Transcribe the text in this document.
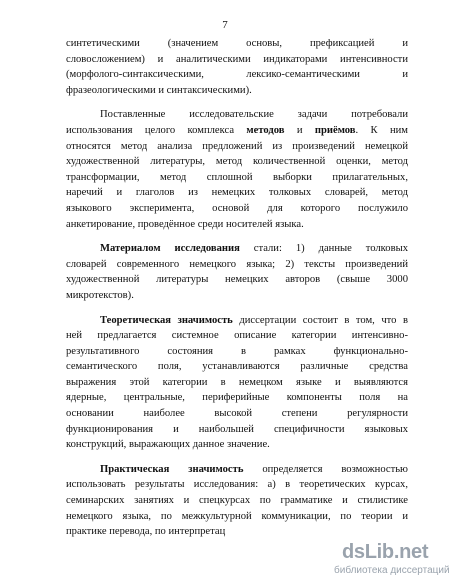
7

синтетическими (значением основы, префиксацией и
словосложением) и аналитическими индикаторами интенсивности
(морфолого-синтаксическими, лексико-семантическими и
фразеологическими и синтаксическими).

Поставленные исследовательские задачи потребовали
использования целого комплекса методов и приёмов. К ним
относятся метод анализа предложений из произведений немецкой
художественной литературы, метод количественной оценки, метод
трансформации, метод сплошной выборки прилагательных,
наречий и глаголов из немецких толковых словарей, метод
языкового эксперимента, основой для которого послужило
анкетирование, проведённое среди носителей языка.

Материалом исследования стали: 1) данные толковых
словарей современного немецкого языка; 2) тексты произведений
художественной литературы немецких авторов (свыше 3000
микротекстов).

Теоретическая значимость диссертации состоит в том, что в
ней предлагается системное описание категории интенсивно-
результативного состояния в рамках функционально-
семантического поля, устанавливаются различные средства
выражения этой категории в немецком языке и выявляются
ядерные, центральные, периферийные компоненты поля на
основании наиболее высокой степени регулярности
функционирования и наибольшей специфичности языковых
конструкций, выражающих данное значение.

Практическая значимость определяется возможностью
использовать результаты исследования: а) в теоретических курсах,
семинарских занятиях и спецкурсах по грамматике и стилистике
немецкого языка, по межкультурной коммуникации, по теории и
практике перевода, по интерпретац

dsLib.net
библиотека диссертаций
